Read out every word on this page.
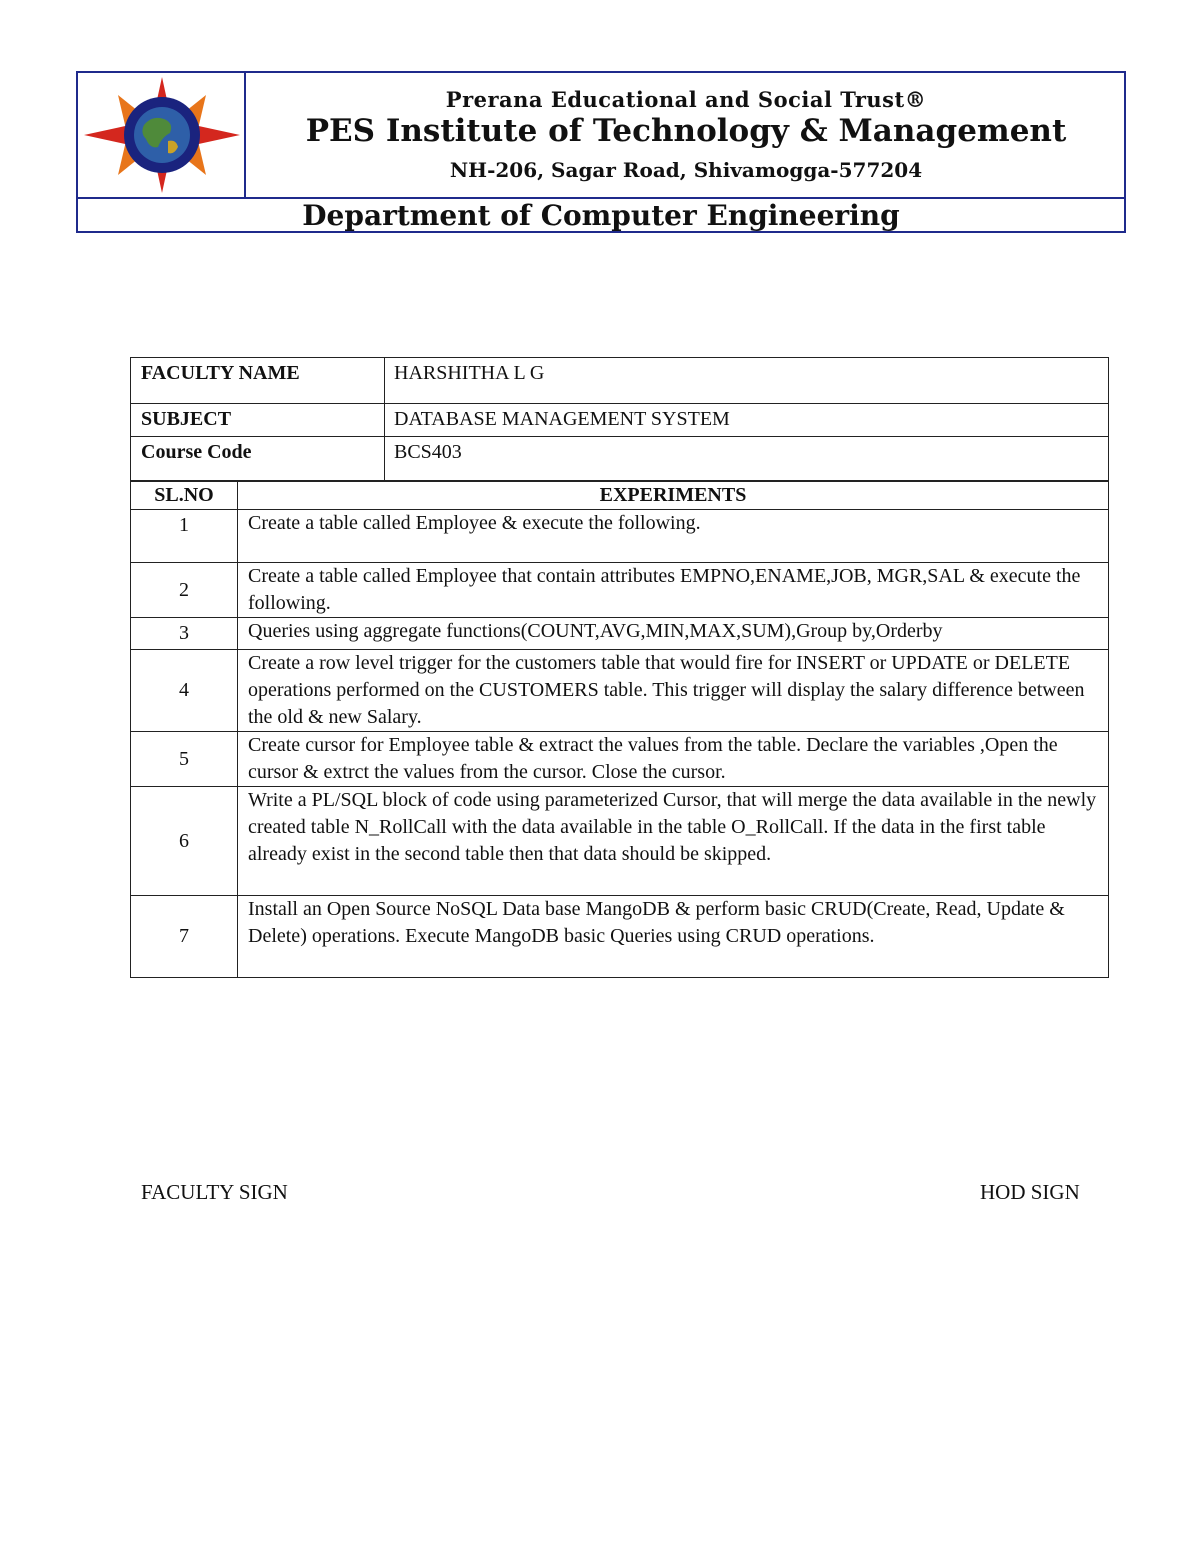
Prerana Educational and Social Trust®
PES Institute of Technology & Management
NH-206, Sagar Road, Shivamogga-577204
Department of Computer Engineering
FACULTY NAME	HARSHITHA L G
SUBJECT	DATABASE MANAGEMENT SYSTEM
Course Code	BCS403
SL.NO	EXPERIMENTS
1	Create a table called Employee & execute the following.
2	Create a table called Employee that contain attributes EMPNO,ENAME,JOB, MGR,SAL & execute the following.
3	Queries using aggregate functions(COUNT,AVG,MIN,MAX,SUM),Group by,Orderby
4	Create a row level trigger for the customers table that would fire for INSERT or UPDATE or DELETE operations performed on the CUSTOMERS table. This trigger will display the salary difference between the old & new Salary.
5	Create cursor for Employee table & extract the values from the table. Declare the variables ,Open the cursor & extrct the values from the cursor. Close the cursor.
6	Write a PL/SQL block of code using parameterized Cursor, that will merge the data available in the newly created table N_RollCall with the data available in the table O_RollCall. If the data in the first table already exist in the second table then that data should be skipped.
7	Install an Open Source NoSQL Data base MangoDB & perform basic CRUD(Create, Read, Update & Delete) operations. Execute MangoDB basic Queries using CRUD operations.
FACULTY SIGN	HOD SIGN
